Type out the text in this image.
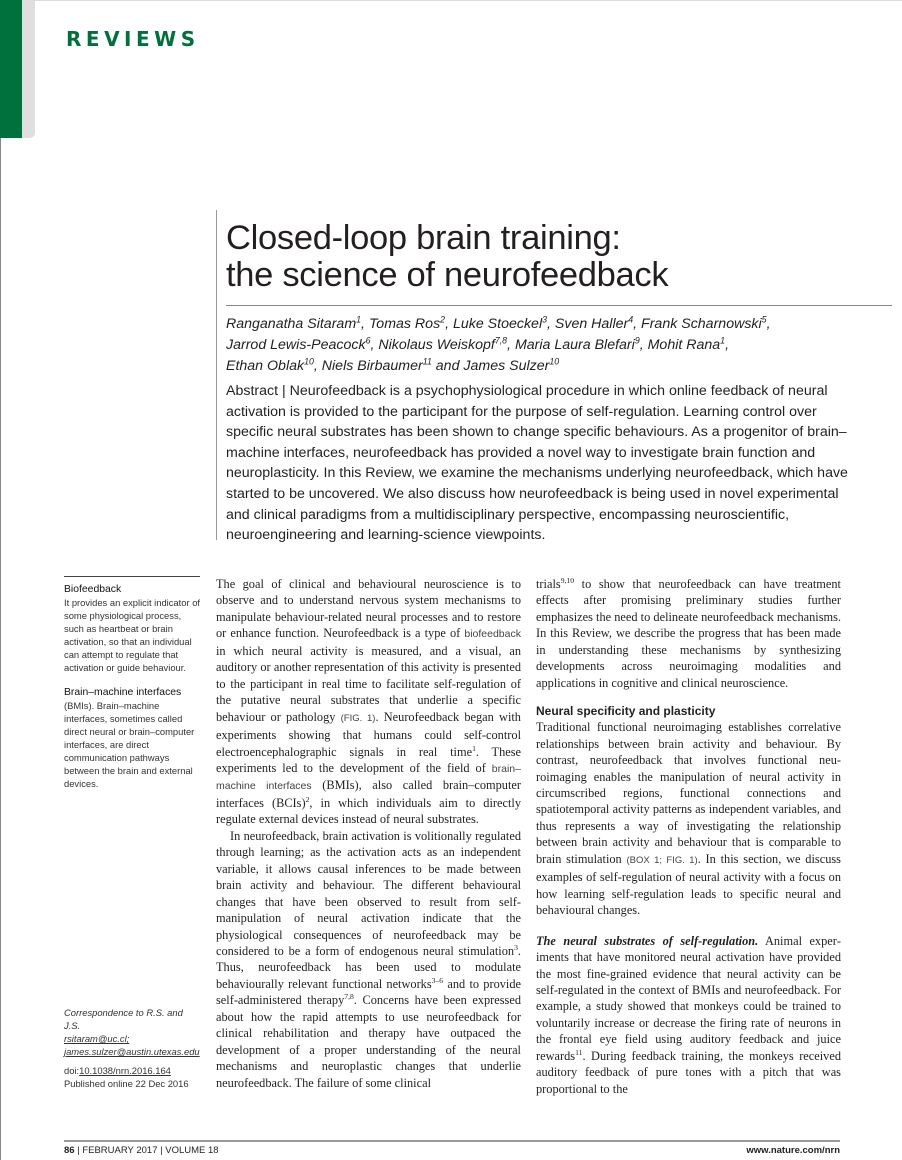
REVIEWS
Closed-loop brain training:
the science of neurofeedback
Ranganatha Sitaram$^1$, Tomas Ros$^2$, Luke Stoeckel$^3$, Sven Haller$^4$, Frank Scharnowski$^5$,
Jarrod Lewis-Peacock$^6$, Nikolaus Weiskopf$^{7,8}$, Maria Laura Blefari$^9$, Mohit Rana$^1$,
Ethan Oblak$^{10}$, Niels Birbaumer$^{11}$ and James Sulzer$^{10}$
Abstract | Neurofeedback is a psychophysiological procedure in which online feedback of neural activation is provided to the participant for the purpose of self-regulation. Learning control over specific neural substrates has been shown to change specific behaviours. As a progenitor of brain–machine interfaces, neurofeedback has provided a novel way to investigate brain function and neuroplasticity. In this Review, we examine the mechanisms underlying neurofeedback, which have started to be uncovered. We also discuss how neurofeedback is being used in novel experimental and clinical paradigms from a multidisciplinary perspective, encompassing neuroscientific, neuroengineering and learning-science viewpoints.
Biofeedback

It provides an explicit indicator of some physiological process, such as heartbeat or brain activation, so that an individual can attempt to regulate that activation or guide behaviour.

Brain–machine interfaces

(BMIs). Brain–machine interfaces, sometimes called direct neural or brain–computer interfaces, are direct communication pathways between the brain and external devices.

Correspondence to R.S. and J.S.
rsitaram@uc.cl;
james.sulzer@austin.utexas.edu
doi:10.1038/nrn.2016.164
Published online 22 Dec 2016

The goal of clinical and behavioural neuroscience is to observe and to understand nervous system mechanisms to manipulate behaviour-related neural processes and to restore or enhance function. Neurofeedback is a type of biofeedback in which neural activity is measured, and a visual, an auditory or another representation of this activity is presented to the participant in real time to facilitate self-regulation of the putative neural substrates that underlie a specific behaviour or pathology (FIG. 1). Neurofeedback began with experiments showing that humans could self-control electroencephalographic signals in real time$^1$. These experiments led to the development of the field of brain–machine interfaces (BMIs), also called brain–computer interfaces (BCIs)$^2$, in which individuals aim to directly regulate external devices instead of neural substrates.

In neurofeedback, brain activation is volitionally regulated through learning; as the activation acts as an independent variable, it allows causal inferences to be made between brain activity and behaviour. The different behavioural changes that have been observed to result from self-manipulation of neural activation indicate that the physiological consequences of neurofeedback may be considered to be a form of endogenous neural stimulation$^3$. Thus, neurofeedback has been used to modulate behaviourally relevant functional networks$^{3-6}$ and to provide self-administered therapy$^{7,8}$. Concerns have been expressed about how the rapid attempts to use neurofeedback for clinical rehabilitation and therapy have outpaced the development of a proper understanding of the neural mechanisms and neuroplastic changes that underlie neurofeedback. The failure of some clinical

trials$^{9,10}$ to show that neurofeedback can have treatment effects after promising preliminary studies further emphasizes the need to delineate neurofeedback mechanisms. In this Review, we describe the progress that has been made in understanding these mechanisms by synthesizing developments across neuroimaging modalities and applications in cognitive and clinical neuroscience.

Neural specificity and plasticity

Traditional functional neuroimaging establishes correlative relationships between brain activity and behaviour. By contrast, neurofeedback that involves functional neuroimaging enables the manipulation of neural activity in circumscribed regions, functional connections and spatiotemporal activity patterns as independent variables, and thus represents a way of investigating the relationship between brain activity and behaviour that is comparable to brain stimulation (BOX 1; FIG. 1). In this section, we discuss examples of self-regulation of neural activity with a focus on how learning self-regulation leads to specific neural and behavioural changes.

The neural substrates of self-regulation. Animal experiments that have monitored neural activation have provided the most fine-grained evidence that neural activity can be self-regulated in the context of BMIs and neurofeedback. For example, a study showed that monkeys could be trained to voluntarily increase or decrease the firing rate of neurons in the frontal eye field using auditory feedback and juice rewards$^{11}$. During feedback training, the monkeys received auditory feedback of pure tones with a pitch that was proportional to the

86 | FEBRUARY 2017 | VOLUME 18	www.nature.com/nrn
